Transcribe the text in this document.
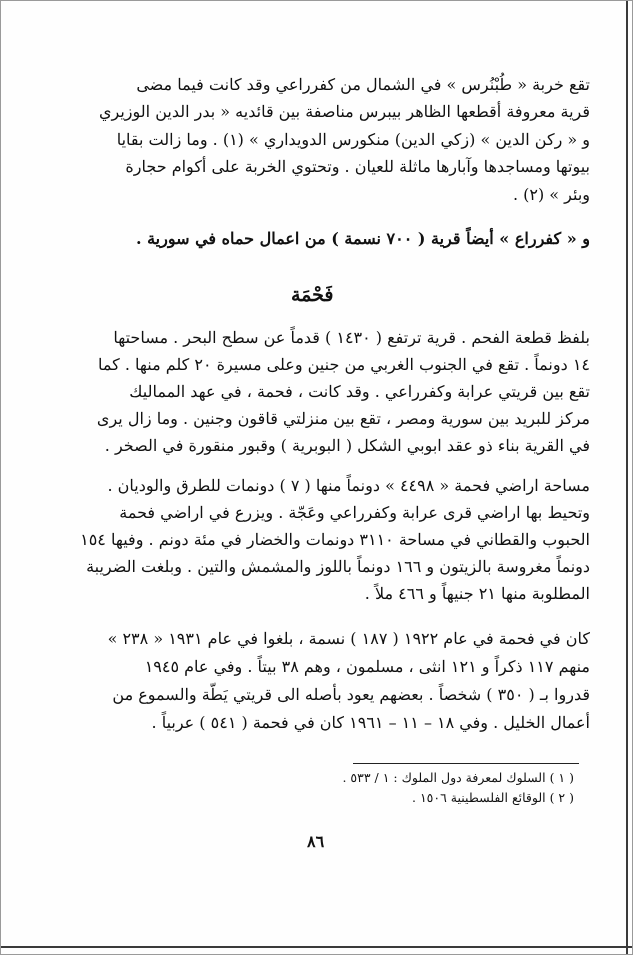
تقع خربة « طُبْنُرس » في الشمال من كفرراعي وقد كانت فيما مضى
قرية معروفة أقطعها الظاهر بيبرس مناصفة بين قائديه « بدر الدين الوزيري
و « ركن الدين » (زكي الدين) منكورس الدويداري » (١) . وما زالت بقايا
بيوتها ومساجدها وآبارها ماثلة للعيان . وتحتوي الخربة على أكوام حجارة
وبئر » (٢) .
و « كفرراع » أيضاً قرية ( ٧٠٠ نسمة ) من اعمال حماه في سورية .
فَحْمَة
بلفظ قطعة الفحم . قرية ترتفع ( ١٤٣٠ ) قدماً عن سطح البحر . مساحتها
١٤ دونماً . تقع في الجنوب الغربي من جنين وعلى مسيرة ٢٠ كلم منها . كما
تقع بين قريتي عرابة وكفرراعي . وقد كانت ، فحمة ، في عهد المماليك
مركز للبريد بين سورية ومصر ، تقع بين منزلتي قاقون وجنين . وما زال يرى
في القرية بناء ذو عقد ابوبي الشكل ( البوبرية ) وقبور منقورة في الصخر .
مساحة اراضي فحمة « ٤٤٩٨ » دونماً منها ( ٧ ) دونمات للطرق والوديان .
وتحيط بها اراضي قرى عرابة وكفرراعي وعَجّة . ويزرع في اراضي فحمة
الحبوب والقطاني في مساحة ٣١١٠ دونمات والخضار في مئة دونم . وفيها ١٥٤
دونماً مغروسة بالزيتون و ١٦٦ دونماً باللوز والمشمش والتين . وبلغت الضريبة
المطلوبة منها ٢١ جنيهاً و ٤٦٦ ملاً .
كان في فحمة في عام ١٩٢٢ ( ١٨٧ ) نسمة ، بلغوا في عام ١٩٣١ « ٢٣٨ »
منهم ١١٧ ذكراً و ١٢١ انثى ، مسلمون ، وهم ٣٨ بيتاً . وفي عام ١٩٤٥
قدروا بـ ( ٣٥٠ ) شخصاً . بعضهم يعود بأصله الى قريتي يَطّة والسموع من
أعمال الخليل . وفي ١٨ – ١١ – ١٩٦١ كان في فحمة ( ٥٤١ ) عربياً .
( ١ ) السلوك لمعرفة دول الملوك : ١ / ٥٣٣ .
( ٢ ) الوقائع الفلسطينية ١٥٠٦ .
٨٦
